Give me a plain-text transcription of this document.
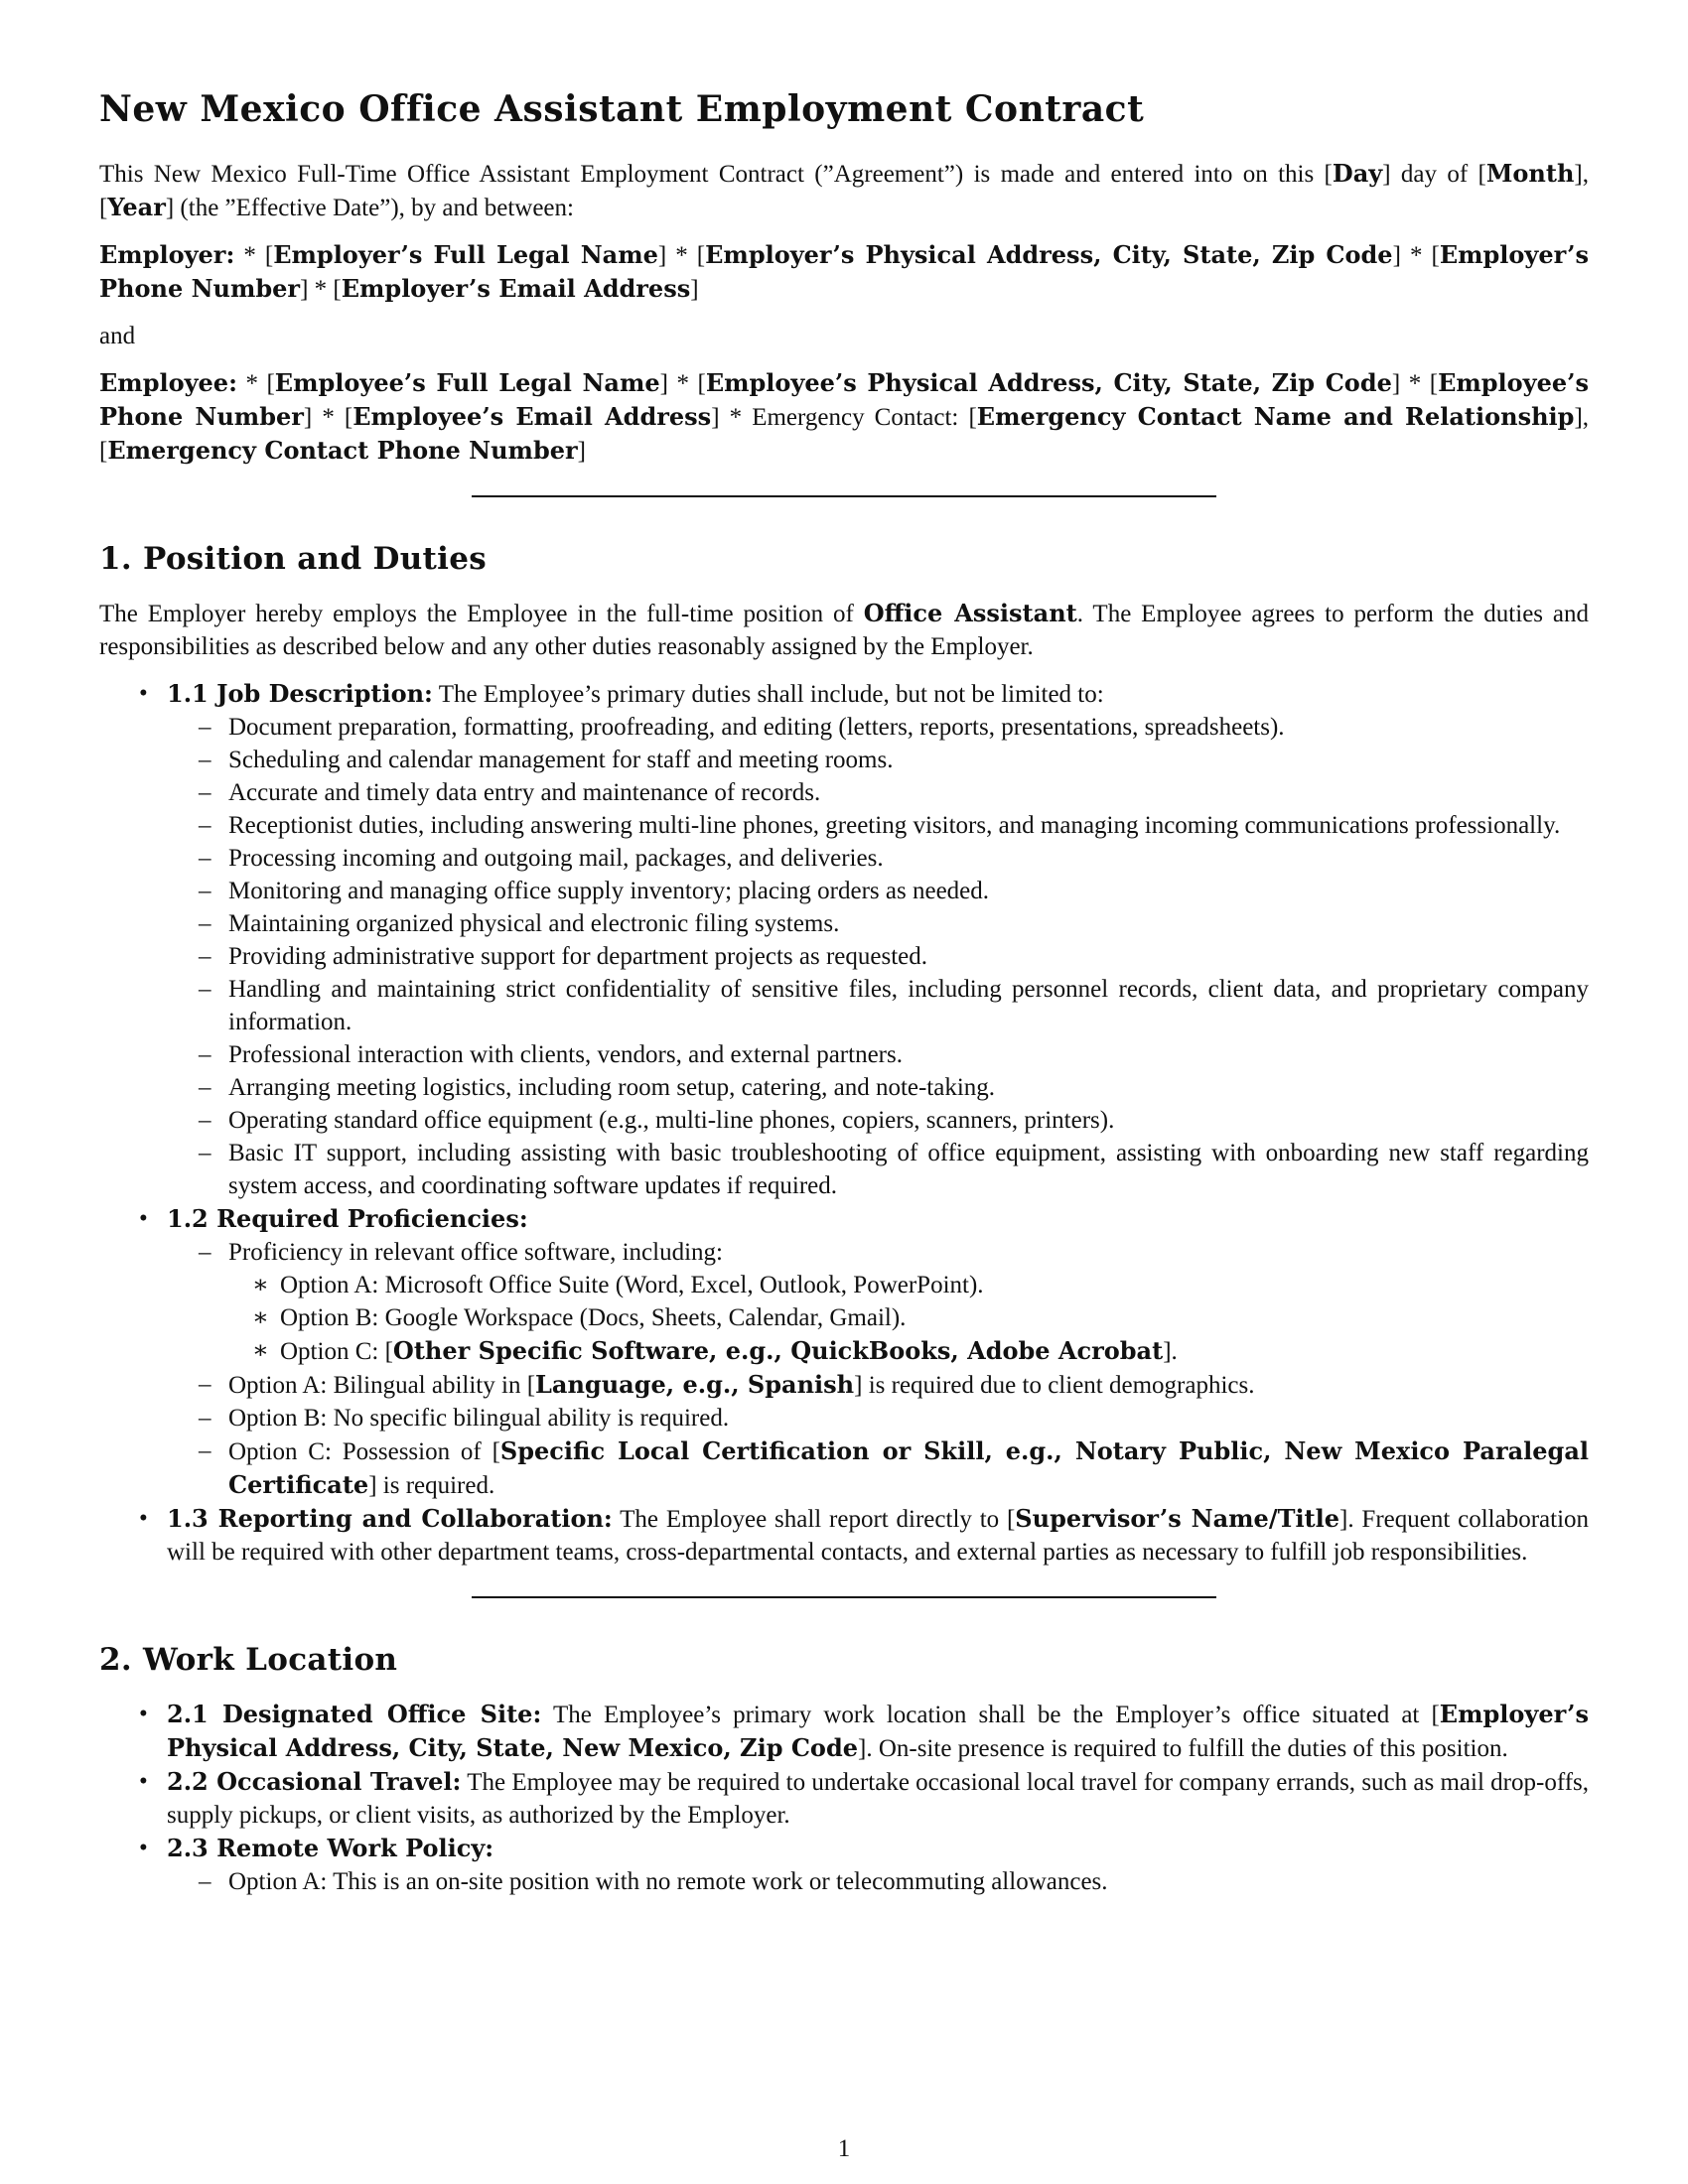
New Mexico Office Assistant Employment Contract

This New Mexico Full-Time Office Assistant Employment Contract (”Agreement”) is made and entered into on this [Day] day of [Month], [Year] (the ”Effective Date”), by and between:

Employer: * [Employer’s Full Legal Name] * [Employer’s Physical Address, City, State, Zip Code] * [Employer’s Phone Number] * [Employer’s Email Address]

and

Employee: * [Employee’s Full Legal Name] * [Employee’s Physical Address, City, State, Zip Code] * [Employee’s Phone Number] * [Employee’s Email Address] * Emergency Contact: [Emergency Contact Name and Relationship], [Emergency Contact Phone Number]

1. Position and Duties

The Employer hereby employs the Employee in the full-time position of Office Assistant. The Employee agrees to perform the duties and responsibilities as described below and any other duties reasonably assigned by the Employer.

• 1.1 Job Description: The Employee’s primary duties shall include, but not be limited to:
– Document preparation, formatting, proofreading, and editing (letters, reports, presentations, spreadsheets).
– Scheduling and calendar management for staff and meeting rooms.
– Accurate and timely data entry and maintenance of records.
– Receptionist duties, including answering multi-line phones, greeting visitors, and managing incoming communications professionally.
– Processing incoming and outgoing mail, packages, and deliveries.
– Monitoring and managing office supply inventory; placing orders as needed.
– Maintaining organized physical and electronic filing systems.
– Providing administrative support for department projects as requested.
– Handling and maintaining strict confidentiality of sensitive files, including personnel records, client data, and proprietary company information.
– Professional interaction with clients, vendors, and external partners.
– Arranging meeting logistics, including room setup, catering, and note-taking.
– Operating standard office equipment (e.g., multi-line phones, copiers, scanners, printers).
– Basic IT support, including assisting with basic troubleshooting of office equipment, assisting with onboarding new staff regarding system access, and coordinating software updates if required.
• 1.2 Required Proficiencies:
– Proficiency in relevant office software, including:
∗ Option A: Microsoft Office Suite (Word, Excel, Outlook, PowerPoint).
∗ Option B: Google Workspace (Docs, Sheets, Calendar, Gmail).
∗ Option C: [Other Specific Software, e.g., QuickBooks, Adobe Acrobat].
– Option A: Bilingual ability in [Language, e.g., Spanish] is required due to client demographics.
– Option B: No specific bilingual ability is required.
– Option C: Possession of [Specific Local Certification or Skill, e.g., Notary Public, New Mexico Paralegal Certificate] is required.
• 1.3 Reporting and Collaboration: The Employee shall report directly to [Supervisor’s Name/Title]. Frequent collaboration will be required with other department teams, cross-departmental contacts, and external parties as necessary to fulfill job responsibilities.
2. Work Location
• 2.1 Designated Office Site: The Employee’s primary work location shall be the Employer’s office situated at [Employer’s Physical Address, City, State, New Mexico, Zip Code]. On-site presence is required to fulfill the duties of this position.
• 2.2 Occasional Travel: The Employee may be required to undertake occasional local travel for company errands, such as mail drop-offs, supply pickups, or client visits, as authorized by the Employer.
• 2.3 Remote Work Policy:
– Option A: This is an on-site position with no remote work or telecommuting allowances.
1
